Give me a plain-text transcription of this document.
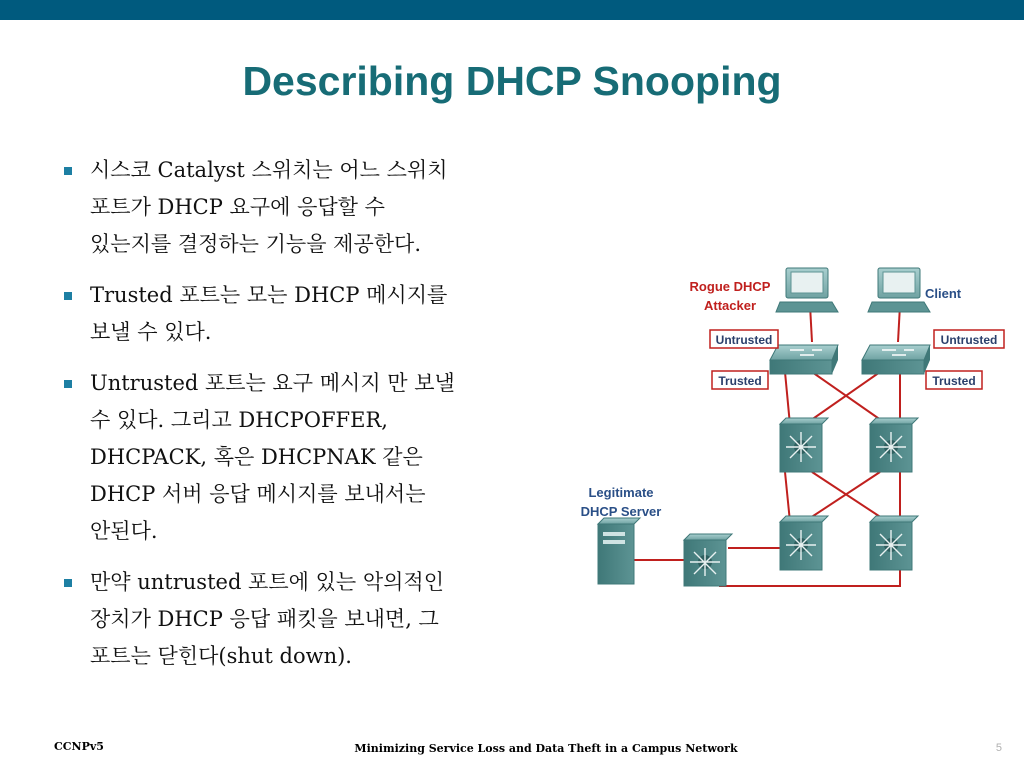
Describing DHCP Snooping
시스코 Catalyst 스위치는 어느 스위치
포트가 DHCP 요구에 응답할 수
있는지를 결정하는 기능을 제공한다.
Trusted 포트는 모는 DHCP 메시지를
보낼 수 있다.
Untrusted 포트는 요구 메시지 만 보낼
수 있다. 그리고 DHCPOFFER,
DHCPACK, 혹은 DHCPNAK 같은
DHCP 서버 응답 메시지를 보내서는
안된다.
만약 untrusted 포트에 있는 악의적인
장치가 DHCP 응답 패킷을 보내면, 그
포트는 닫힌다(shut down).
Rogue DHCP
Attacker
Client
Legitimate
DHCP Server
Untrusted
Trusted
Untrusted
Trusted
CCNPv5	Minimizing Service Loss and Data Theft in a Campus Network	5
